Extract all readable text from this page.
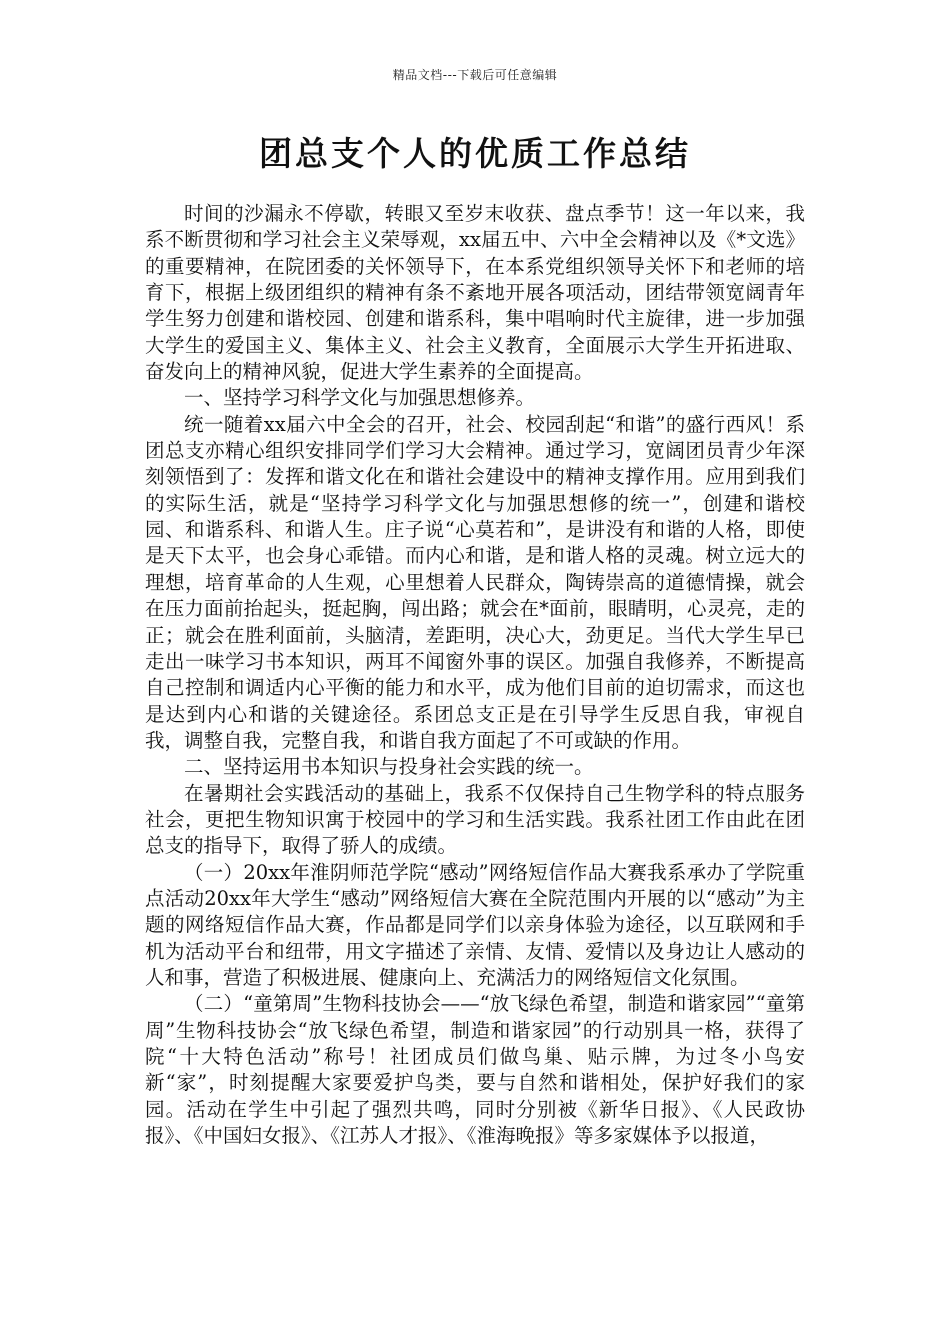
精品文档---下载后可任意编辑
团总支个人的优质工作总结

时间的沙漏永不停歇，转眼又至岁末收获、盘点季节！这一年以来，我系不断贯彻和学习社会主义荣辱观，xx届五中、六中全会精神以及《*文选》的重要精神，在院团委的关怀领导下，在本系党组织领导关怀下和老师的培育下，根据上级团组织的精神有条不紊地开展各项活动，团结带领宽阔青年学生努力创建和谐校园、创建和谐系科，集中唱响时代主旋律，进一步加强大学生的爱国主义、集体主义、社会主义教育，全面展示大学生开拓进取、奋发向上的精神风貌，促进大学生素养的全面提高。

一、坚持学习科学文化与加强思想修养。

统一随着xx届六中全会的召开，社会、校园刮起“和谐”的盛行西风！系团总支亦精心组织安排同学们学习大会精神。通过学习，宽阔团员青少年深刻领悟到了：发挥和谐文化在和谐社会建设中的精神支撑作用。应用到我们的实际生活，就是“坚持学习科学文化与加强思想修的统一”，创建和谐校园、和谐系科、和谐人生。庄子说“心莫若和”，是讲没有和谐的人格，即使是天下太平，也会身心乖错。而内心和谐，是和谐人格的灵魂。树立远大的理想，培育革命的人生观，心里想着人民群众，陶铸崇高的道德情操，就会在压力面前抬起头，挺起胸，闯出路；就会在*面前，眼睛明，心灵亮，走的正；就会在胜利面前，头脑清，差距明，决心大，劲更足。当代大学生早已走出一味学习书本知识，两耳不闻窗外事的误区。加强自我修养，不断提高自己控制和调适内心平衡的能力和水平，成为他们目前的迫切需求，而这也是达到内心和谐的关键途径。系团总支正是在引导学生反思自我，审视自我，调整自我，完整自我，和谐自我方面起了不可或缺的作用。

二、坚持运用书本知识与投身社会实践的统一。

在暑期社会实践活动的基础上，我系不仅保持自己生物学科的特点服务社会，更把生物知识寓于校园中的学习和生活实践。我系社团工作由此在团总支的指导下，取得了骄人的成绩。

（一）20xx年淮阴师范学院“感动”网络短信作品大赛我系承办了学院重点活动20xx年大学生“感动”网络短信大赛在全院范围内开展的以“感动”为主题的网络短信作品大赛，作品都是同学们以亲身体验为途径，以互联网和手机为活动平台和纽带，用文字描述了亲情、友情、爱情以及身边让人感动的人和事，营造了积极进展、健康向上、充满活力的网络短信文化氛围。

（二）“童第周”生物科技协会——“放飞绿色希望，制造和谐家园”“童第周”生物科技协会“放飞绿色希望，制造和谐家园”的行动别具一格，获得了院“十大特色活动”称号！社团成员们做鸟巢、贴示牌，为过冬小鸟安新“家”，时刻提醒大家要爱护鸟类，要与自然和谐相处，保护好我们的家园。活动在学生中引起了强烈共鸣，同时分别被《新华日报》、《人民政协报》、《中国妇女报》、《江苏人才报》、《淮海晚报》等多家媒体予以报道，
